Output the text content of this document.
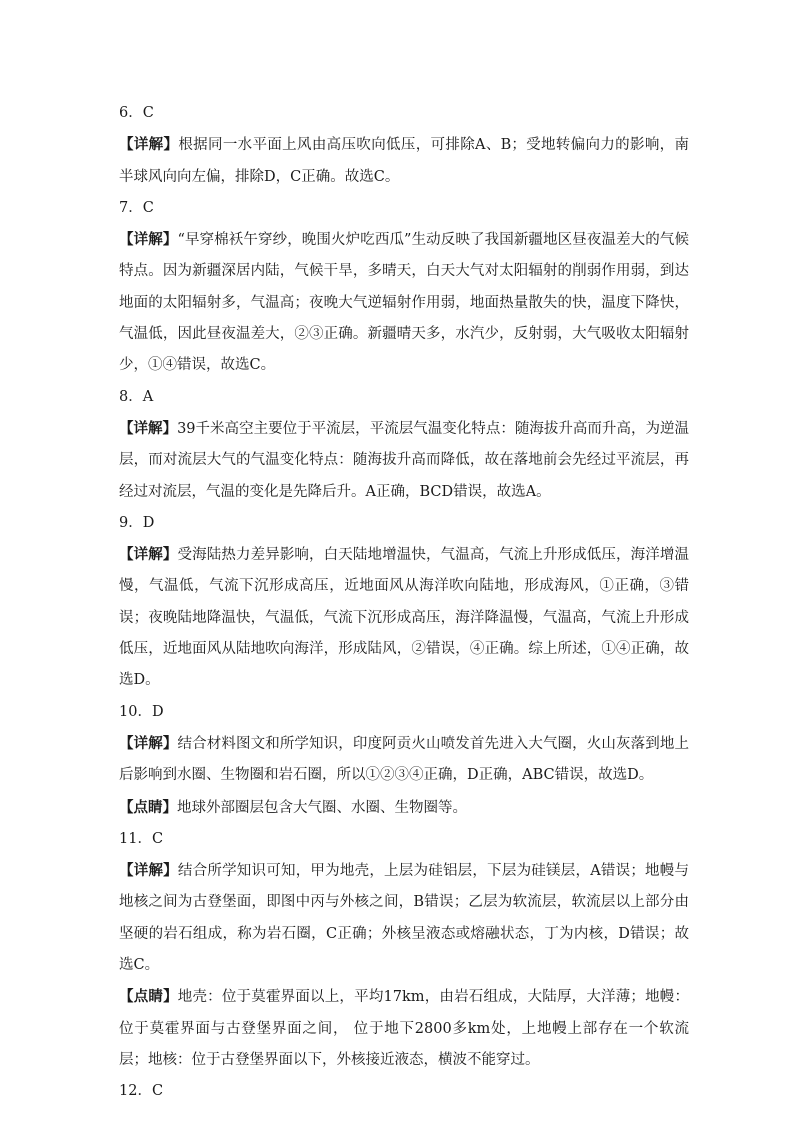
6．C

【详解】根据同一水平面上风由高压吹向低压，可排除A、B；受地转偏向力的影响，南半球风向向左偏，排除D，C正确。故选C。

7．C

【详解】“早穿棉袄午穿纱，晚围火炉吃西瓜”生动反映了我国新疆地区昼夜温差大的气候特点。因为新疆深居内陆，气候干旱，多晴天，白天大气对太阳辐射的削弱作用弱，到达地面的太阳辐射多，气温高；夜晚大气逆辐射作用弱，地面热量散失的快，温度下降快，气温低，因此昼夜温差大，②③正确。新疆晴天多，水汽少，反射弱，大气吸收太阳辐射少，①④错误，故选C。

8．A

【详解】39千米高空主要位于平流层，平流层气温变化特点：随海拔升高而升高，为逆温层，而对流层大气的气温变化特点：随海拔升高而降低，故在落地前会先经过平流层，再经过对流层，气温的变化是先降后升。A正确，BCD错误，故选A。

9．D

【详解】受海陆热力差异影响，白天陆地增温快，气温高，气流上升形成低压，海洋增温慢，气温低，气流下沉形成高压，近地面风从海洋吹向陆地，形成海风，①正确，③错误；夜晚陆地降温快，气温低，气流下沉形成高压，海洋降温慢，气温高，气流上升形成低压，近地面风从陆地吹向海洋，形成陆风，②错误，④正确。综上所述，①④正确，故选D。

10．D

【详解】结合材料图文和所学知识，印度阿贡火山喷发首先进入大气圈，火山灰落到地上后影响到水圈、生物圈和岩石圈，所以①②③④正确，D正确，ABC错误，故选D。

【点睛】地球外部圈层包含大气圈、水圈、生物圈等。

11．C

【详解】结合所学知识可知，甲为地壳，上层为硅铝层，下层为硅镁层，A错误；地幔与地核之间为古登堡面，即图中丙与外核之间，B错误；乙层为软流层，软流层以上部分由坚硬的岩石组成，称为岩石圈，C正确；外核呈液态或熔融状态，丁为内核，D错误；故选C。

【点睛】地壳：位于莫霍界面以上，平均17km，由岩石组成，大陆厚，大洋薄；地幔：位于莫霍界面与古登堡界面之间， 位于地下2800多km处，上地幔上部存在一个软流层；地核：位于古登堡界面以下，外核接近液态，横波不能穿过。

12．C
